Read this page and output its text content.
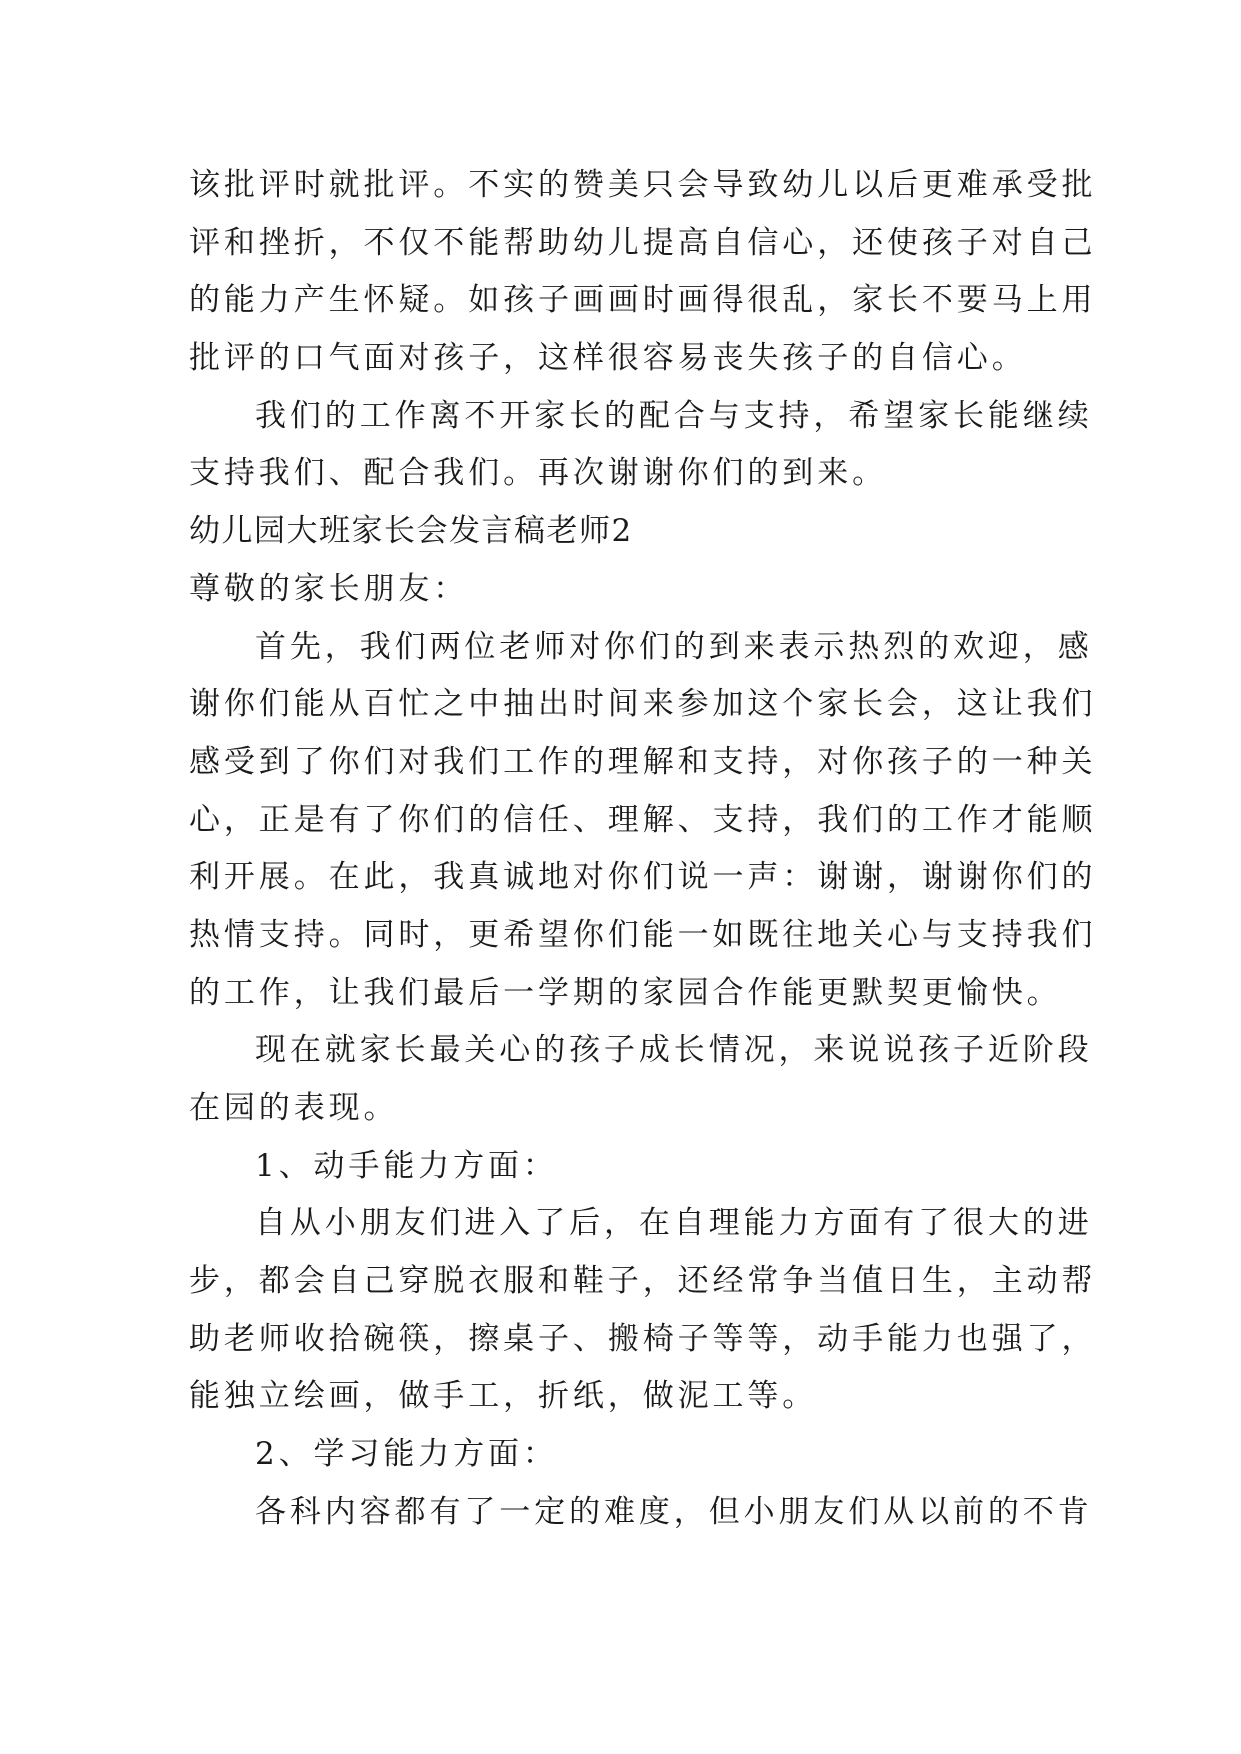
该批评时就批评。不实的赞美只会导致幼儿以后更难承受批
评和挫折，不仅不能帮助幼儿提高自信心，还使孩子对自己
的能力产生怀疑。如孩子画画时画得很乱，家长不要马上用
批评的口气面对孩子，这样很容易丧失孩子的自信心。
我们的工作离不开家长的配合与支持，希望家长能继续
支持我们、配合我们。再次谢谢你们的到来。
幼儿园大班家长会发言稿老师2
尊敬的家长朋友：
首先，我们两位老师对你们的到来表示热烈的欢迎，感
谢你们能从百忙之中抽出时间来参加这个家长会，这让我们
感受到了你们对我们工作的理解和支持，对你孩子的一种关
心，正是有了你们的信任、理解、支持，我们的工作才能顺
利开展。在此，我真诚地对你们说一声：谢谢，谢谢你们的
热情支持。同时，更希望你们能一如既往地关心与支持我们
的工作，让我们最后一学期的家园合作能更默契更愉快。
现在就家长最关心的孩子成长情况，来说说孩子近阶段
在园的表现。
1、动手能力方面：
自从小朋友们进入了后，在自理能力方面有了很大的进
步，都会自己穿脱衣服和鞋子，还经常争当值日生，主动帮
助老师收拾碗筷，擦桌子、搬椅子等等，动手能力也强了，
能独立绘画，做手工，折纸，做泥工等。
2、学习能力方面：
各科内容都有了一定的难度，但小朋友们从以前的不肯
